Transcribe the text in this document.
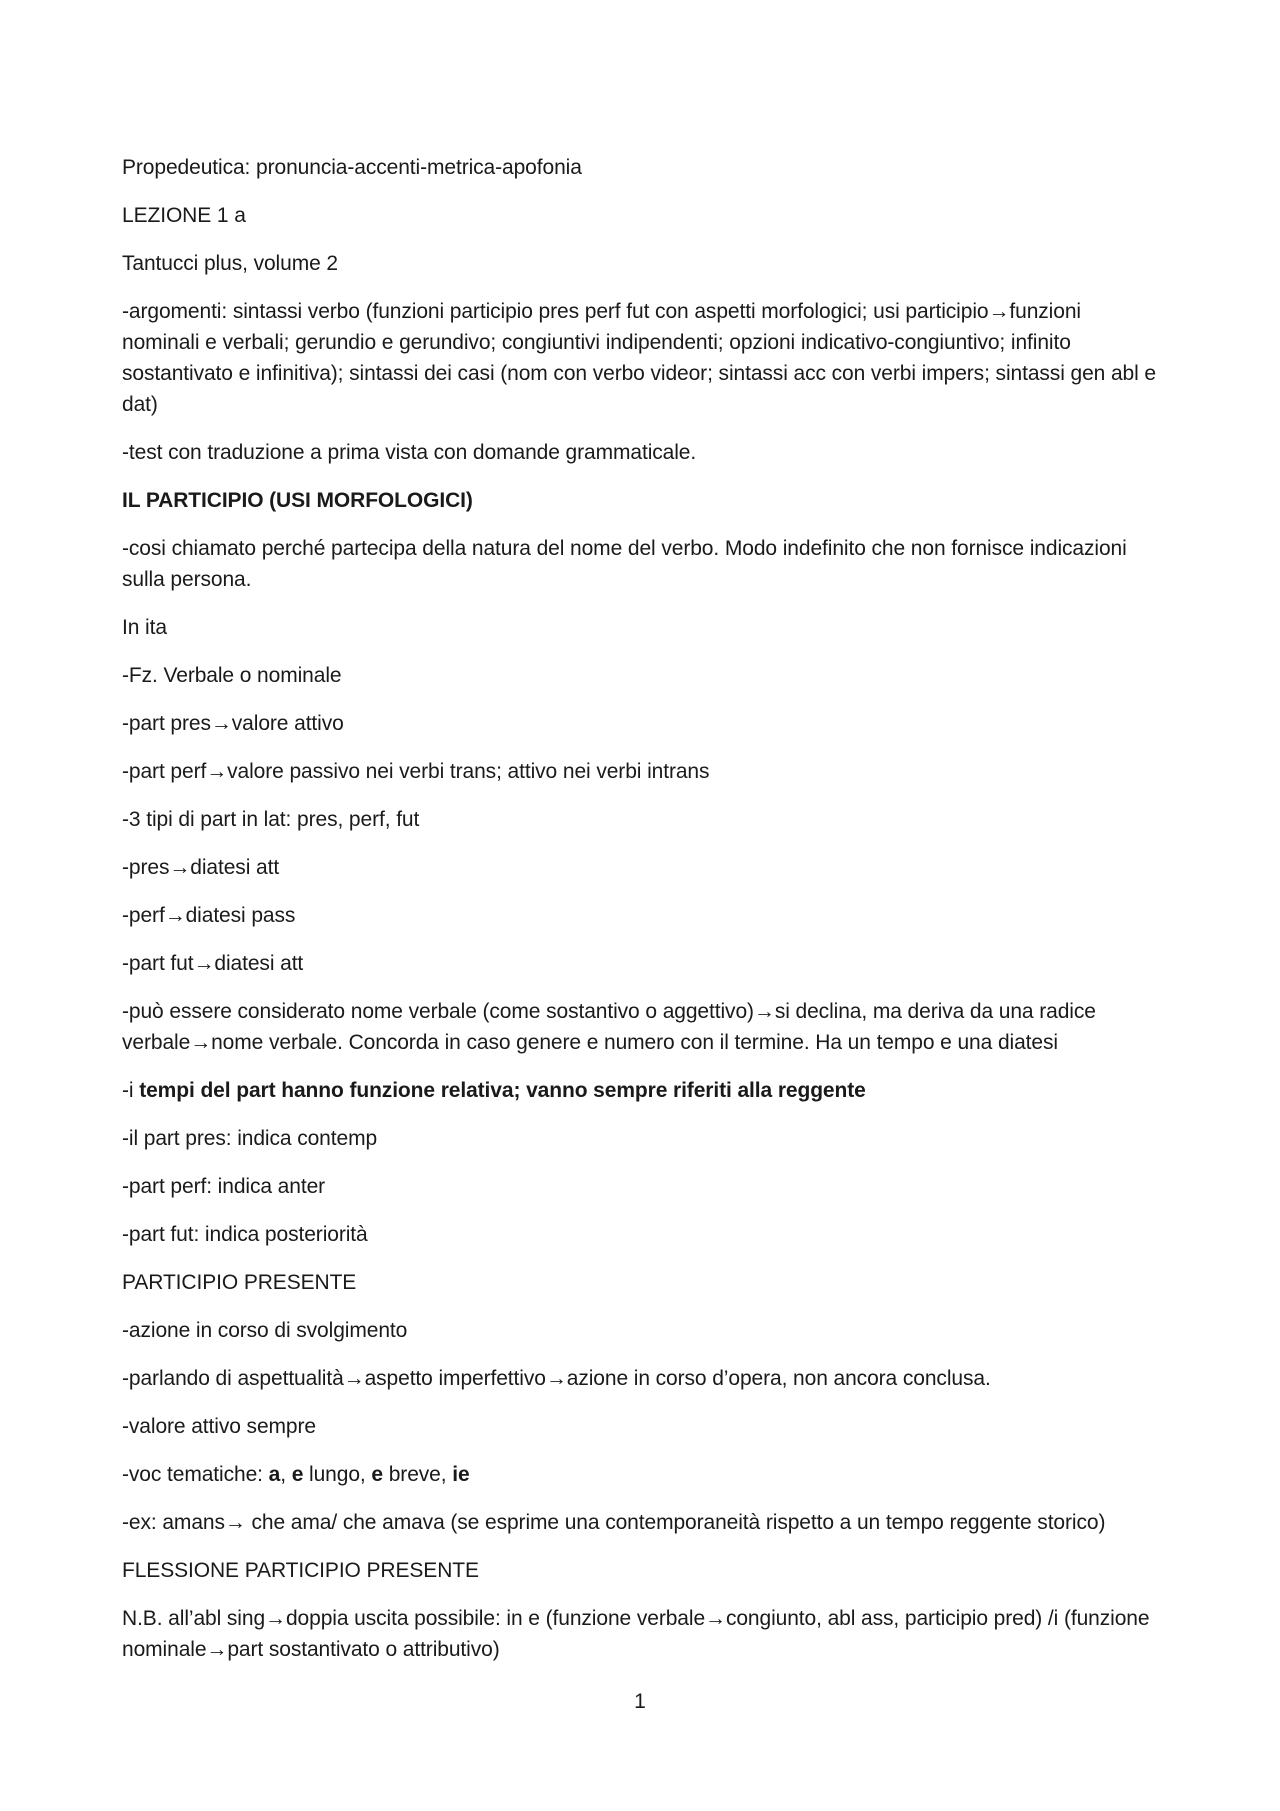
Propedeutica: pronuncia-accenti-metrica-apofonia

LEZIONE 1 a

Tantucci plus, volume 2

-argomenti: sintassi verbo (funzioni participio pres perf fut con aspetti morfologici; usi participio→funzioni nominali e verbali; gerundio e gerundivo; congiuntivi indipendenti; opzioni indicativo-congiuntivo; infinito sostantivato e infinitiva); sintassi dei casi (nom con verbo videor; sintassi acc con verbi impers; sintassi gen abl e dat)

-test con traduzione a prima vista con domande grammaticale.

IL PARTICIPIO (USI MORFOLOGICI)

-cosi chiamato perché partecipa della natura del nome del verbo. Modo indefinito che non fornisce indicazioni sulla persona.

In ita

-Fz. Verbale o nominale

-part pres→valore attivo

-part perf→valore passivo nei verbi trans; attivo nei verbi intrans

-3 tipi di part in lat: pres, perf, fut

-pres→diatesi att

-perf→diatesi pass

-part fut→diatesi att

-può essere considerato nome verbale (come sostantivo o aggettivo)→si declina, ma deriva da una radice verbale→nome verbale. Concorda in caso genere e numero con il termine. Ha un tempo e una diatesi

-i tempi del part hanno funzione relativa; vanno sempre riferiti alla reggente

-il part pres: indica contemp

-part perf: indica anter

-part fut: indica posteriorità

PARTICIPIO PRESENTE

-azione in corso di svolgimento

-parlando di aspettualità→aspetto imperfettivo→azione in corso d’opera, non ancora conclusa.

-valore attivo sempre

-voc tematiche: a, e lungo, e breve, ie

-ex: amans→ che ama/ che amava (se esprime una contemporaneità rispetto a un tempo reggente storico)

FLESSIONE PARTICIPIO PRESENTE

N.B. all’abl sing→doppia uscita possibile: in e (funzione verbale→congiunto, abl ass, participio pred) /i (funzione nominale→part sostantivato o attributivo)

1
